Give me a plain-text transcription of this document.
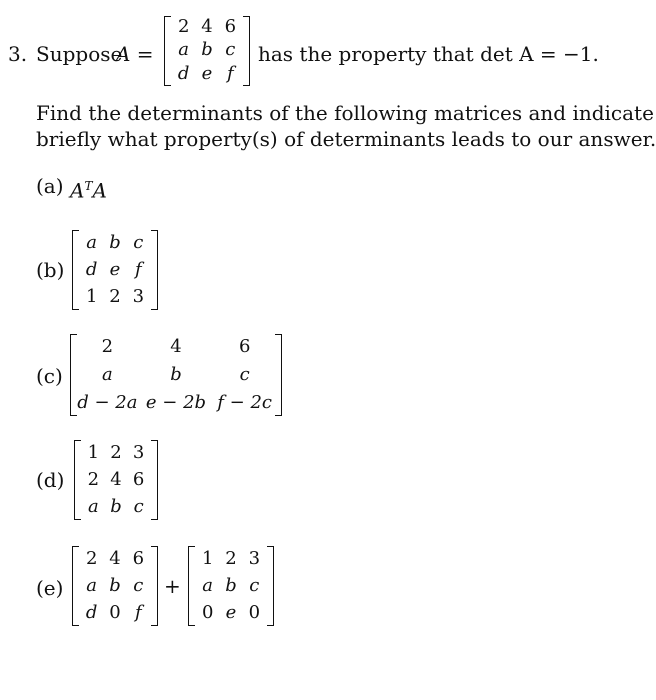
3. Suppose
A =
2 4 6
a b c
d e f
has the property that det A = −1.
Find the determinants of the following matrices and indicate
briefly what property(s) of determinants leads to our answer.
(a) $A^TA$
(b)
a b c
d e f
1 2 3
(c)
2	4	6
a	b	c
d − 2a e − 2b f − 2c
(d)
1 2 3
2 4 6
a b c
(e)
2 4 6
a b c
d 0 f
+
1 2 3
a b c
0 e 0
